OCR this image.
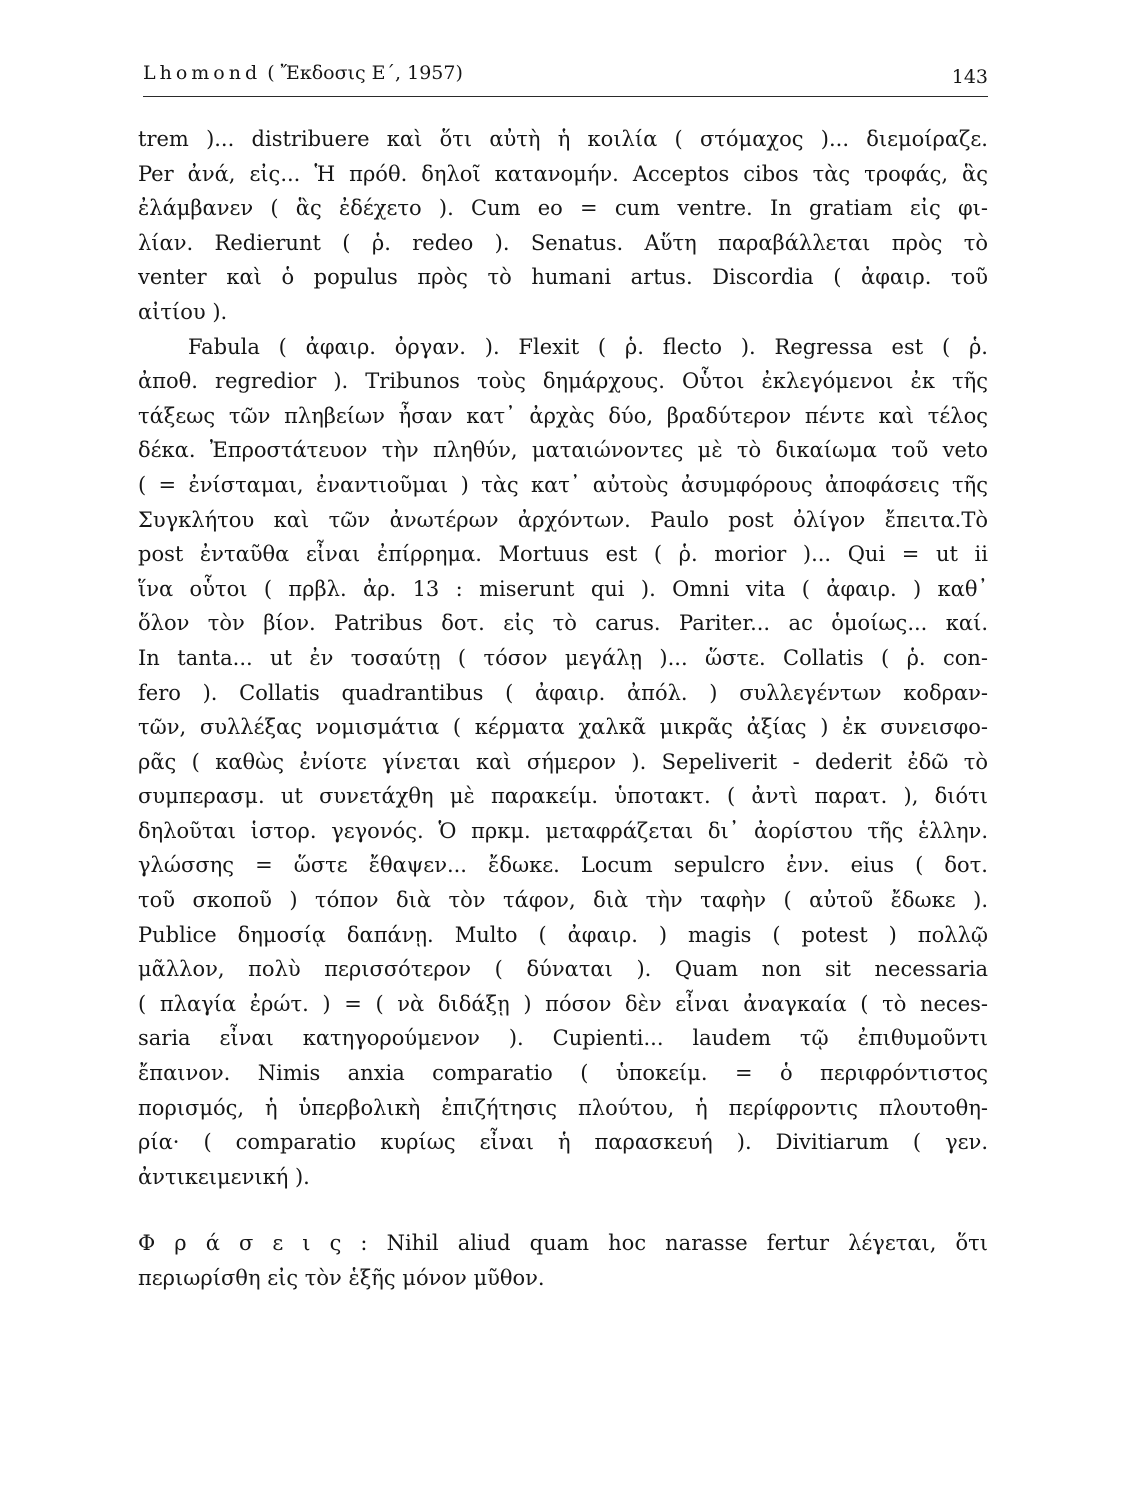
Lhomond ( Ἔκδοσις Ε΄, 1957)	143
trem )... distribuere καὶ ὅτι αὐτὴ ἡ κοιλία ( στόμαχος )... διεμοίραζε.
Per ἀνά, εἰς... Ἡ πρόθ. δηλοῖ κατανομήν. Acceptos cibos τὰς τροφάς, ἃς
ἐλάμβανεν ( ἃς ἐδέχετο ). Cum eo = cum ventre. In gratiam εἰς φι-
λίαν. Redierunt ( ῥ. redeo ). Senatus. Αὕτη παραβάλλεται πρὸς τὸ
venter καὶ ὁ populus πρὸς τὸ humani artus. Discordia ( ἀφαιρ. τοῦ
αἰτίου ).
Fabula ( ἀφαιρ. ὀργαν. ). Flexit ( ῥ. flecto ). Regressa est ( ῥ.
ἀποθ. regredior ). Tribunos τοὺς δημάρχους. Οὗτοι ἐκλεγόμενοι ἐκ τῆς
τάξεως τῶν πληβείων ἦσαν κατ᾿ ἀρχὰς δύο, βραδύτερον πέντε καὶ τέλος
δέκα. Ἐπροστάτευον τὴν πληθύν, ματαιώνοντες μὲ τὸ δικαίωμα τοῦ veto
( = ἐνίσταμαι, ἐναντιοῦμαι ) τὰς κατ᾿ αὐτοὺς ἀσυμφόρους ἀποφάσεις τῆς
Συγκλήτου καὶ τῶν ἀνωτέρων ἀρχόντων. Paulo post ὀλίγον ἔπειτα.Τὸ
post ἐνταῦθα εἶναι ἐπίρρημα. Mortuus est ( ῥ. morior )... Qui = ut ii
ἵνα οὗτοι ( πρβλ. ἀρ. 13 : miserunt qui ). Omni vita ( ἀφαιρ. ) καθ᾿
ὅλον τὸν βίον. Patribus δοτ. εἰς τὸ carus. Pariter... ac ὁμοίως... καί.
In tanta... ut ἐν τοσαύτῃ ( τόσον μεγάλῃ )... ὥστε. Collatis ( ῥ. con-
fero ). Collatis quadrantibus ( ἀφαιρ. ἀπόλ. ) συλλεγέντων κοδραν-
τῶν, συλλέξας νομισμάτια ( κέρματα χαλκᾶ μικρᾶς ἀξίας ) ἐκ συνεισφο-
ρᾶς ( καθὼς ἐνίοτε γίνεται καὶ σήμερον ). Sepeliverit - dederit ἐδῶ τὸ
συμπερασμ. ut συνετάχθη μὲ παρακείμ. ὑποτακτ. ( ἀντὶ παρατ. ), διότι
δηλοῦται ἱστορ. γεγονός. Ὁ πρκμ. μεταφράζεται δι᾿ ἀορίστου τῆς ἑλλην.
γλώσσης = ὥστε ἔθαψεν... ἔδωκε. Locum sepulcro ἐνν. eius ( δοτ.
τοῦ σκοποῦ ) τόπον διὰ τὸν τάφον, διὰ τὴν ταφὴν ( αὐτοῦ ἔδωκε ).
Publice δημοσίᾳ δαπάνῃ. Multo ( ἀφαιρ. ) magis ( potest ) πολλῷ
μᾶλλον, πολὺ περισσότερον ( δύναται ). Quam non sit necessaria
( πλαγία ἐρώτ. ) = ( νὰ διδάξῃ ) πόσον δὲν εἶναι ἀναγκαία ( τὸ neces-
saria εἶναι κατηγορούμενον ). Cupienti... laudem τῷ ἐπιθυμοῦντι
ἔπαινον. Nimis anxia comparatio ( ὑποκείμ. = ὁ περιφρόντιστος
πορισμός, ἡ ὑπερβολικὴ ἐπιζήτησις πλούτου, ἡ περίφροντις πλουτοθη-
ρία· ( comparatio κυρίως εἶναι ἡ παρασκευή ). Divitiarum ( γεν.
ἀντικειμενική ).
Φ ρ ά σ ε ι ς : Nihil aliud quam hoc narasse fertur λέγεται, ὅτι
περιωρίσθη εἰς τὸν ἑξῆς μόνον μῦθον.
